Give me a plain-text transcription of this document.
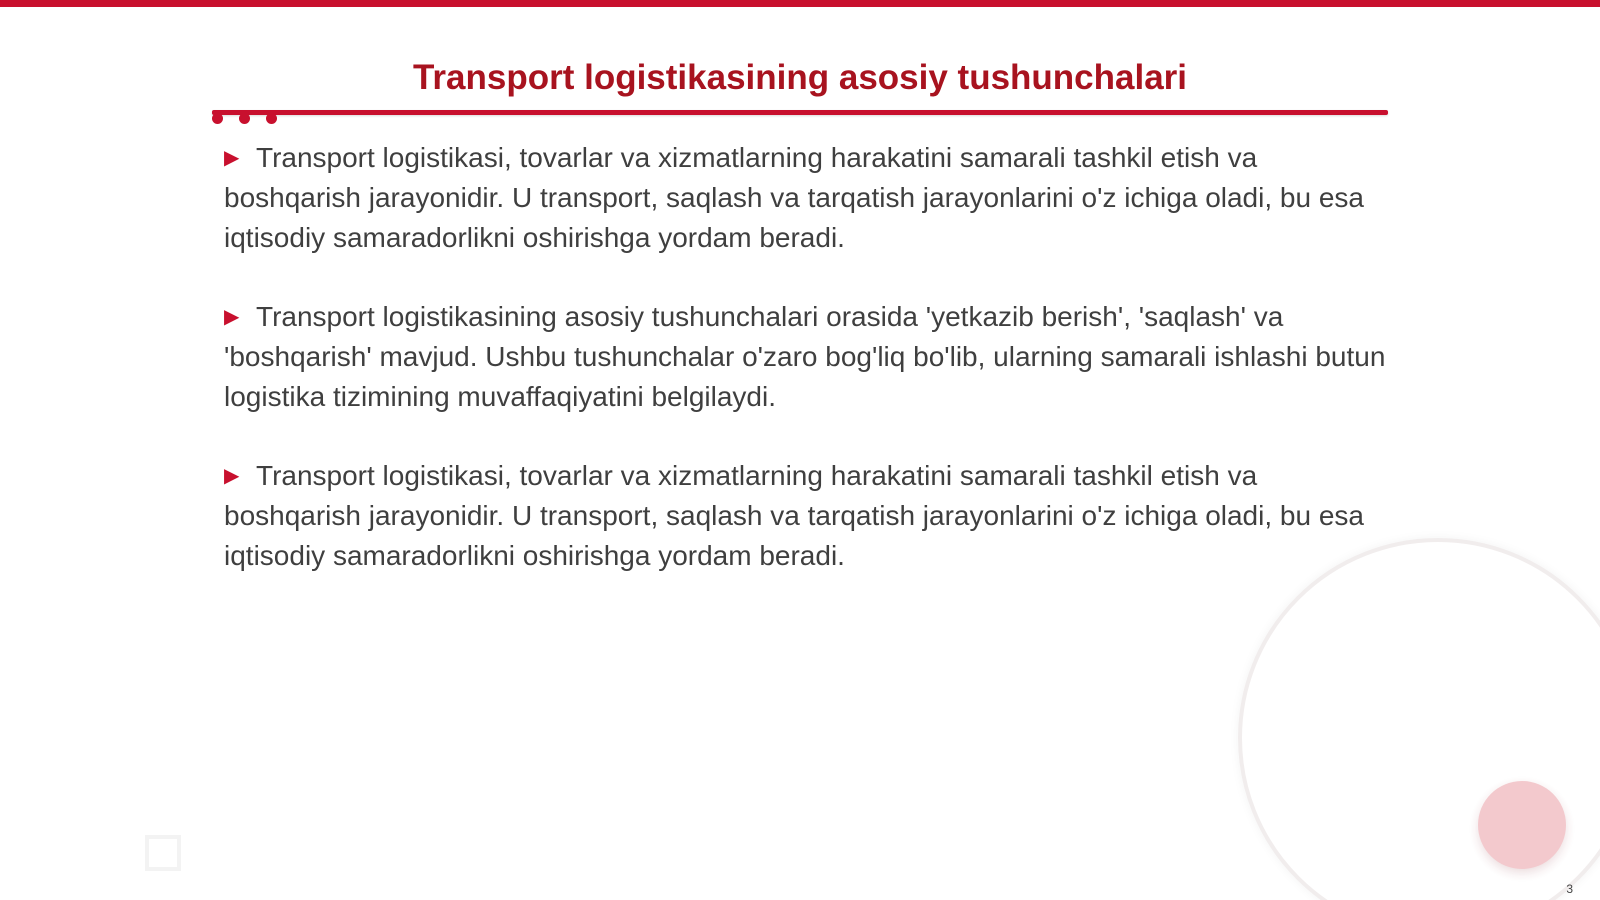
Transport logistikasining asosiy tushunchalari
▶ Transport logistikasi, tovarlar va xizmatlarning harakatini samarali tashkil etish va boshqarish jarayonidir. U transport, saqlash va tarqatish jarayonlarini o'z ichiga oladi, bu esa iqtisodiy samaradorlikni oshirishga yordam beradi.
▶ Transport logistikasining asosiy tushunchalari orasida 'yetkazib berish', 'saqlash' va 'boshqarish' mavjud. Ushbu tushunchalar o'zaro bog'liq bo'lib, ularning samarali ishlashi butun logistika tizimining muvaffaqiyatini belgilaydi.
▶ Transport logistikasi, tovarlar va xizmatlarning harakatini samarali tashkil etish va boshqarish jarayonidir. U transport, saqlash va tarqatish jarayonlarini o'z ichiga oladi, bu esa iqtisodiy samaradorlikni oshirishga yordam beradi.
3
